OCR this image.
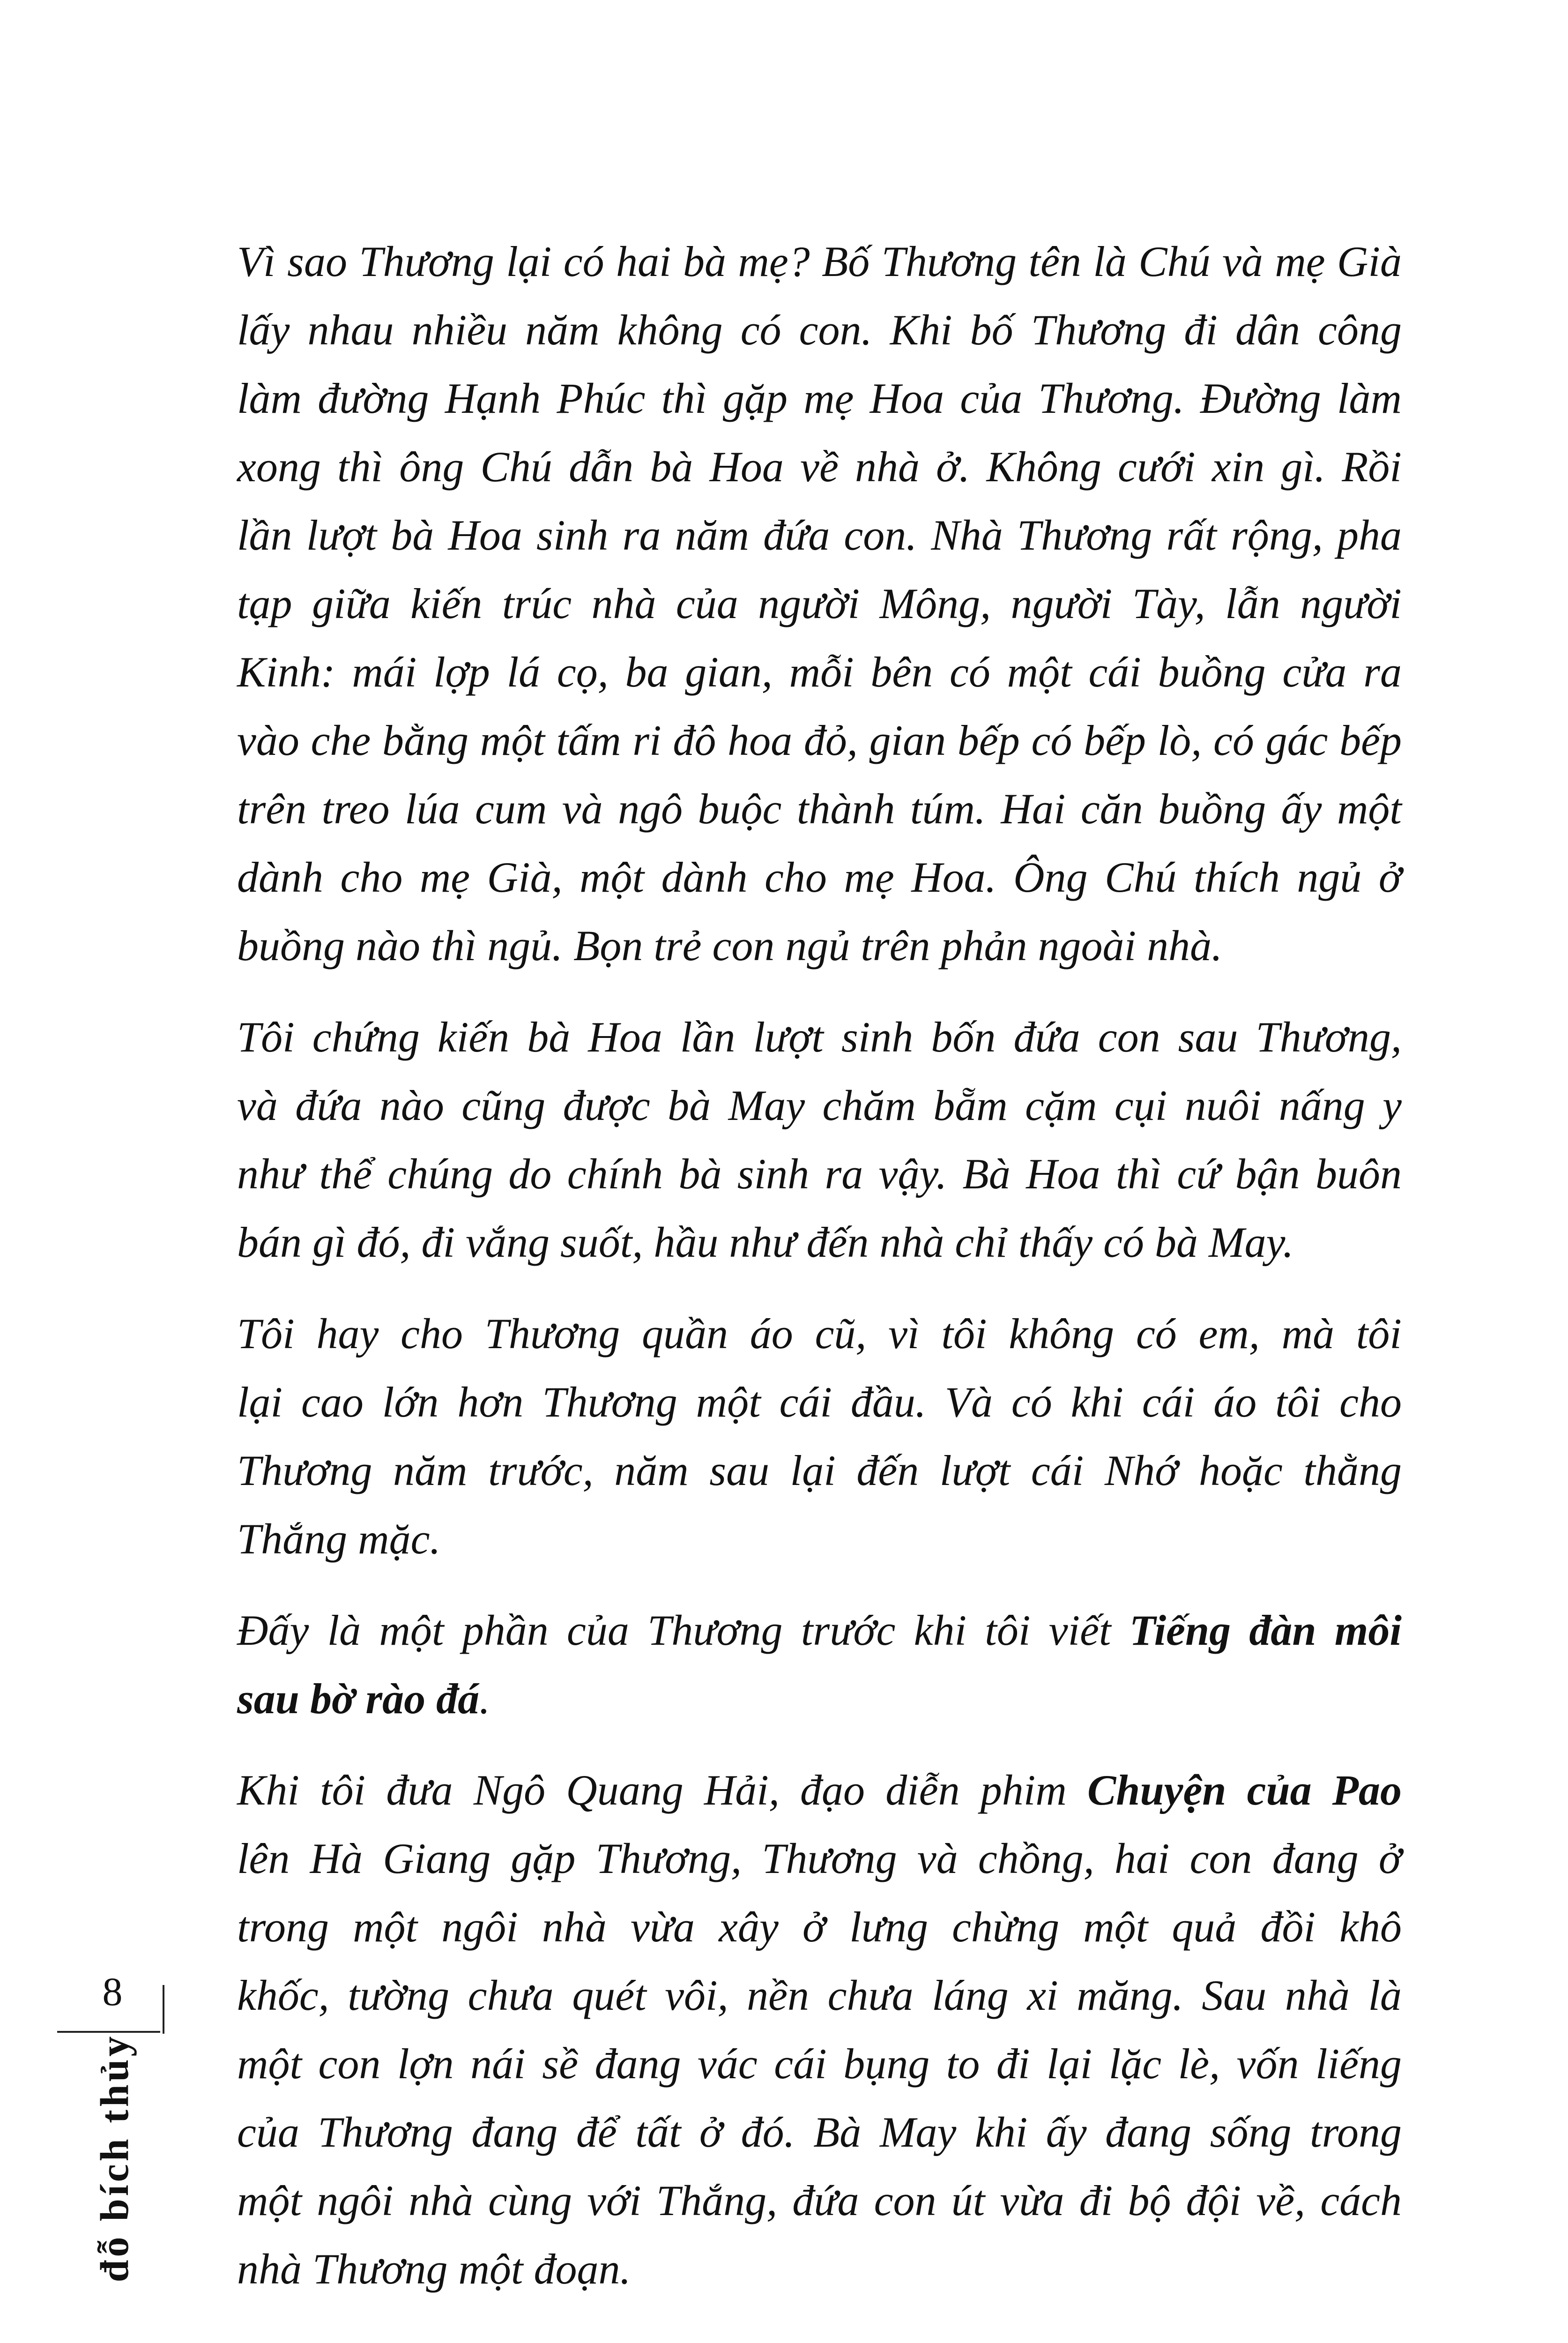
Vì sao Thương lại có hai bà mẹ? Bố Thương tên là Chú và mẹ Già
lấy nhau nhiều năm không có con. Khi bố Thương đi dân công
làm đường Hạnh Phúc thì gặp mẹ Hoa của Thương. Đường làm
xong thì ông Chú dẫn bà Hoa về nhà ở. Không cưới xin gì. Rồi
lần lượt bà Hoa sinh ra năm đứa con. Nhà Thương rất rộng, pha
tạp giữa kiến trúc nhà của người Mông, người Tày, lẫn người
Kinh: mái lợp lá cọ, ba gian, mỗi bên có một cái buồng cửa ra
vào che bằng một tấm ri đô hoa đỏ, gian bếp có bếp lò, có gác bếp
trên treo lúa cum và ngô buộc thành túm. Hai căn buồng ấy một
dành cho mẹ Già, một dành cho mẹ Hoa. Ông Chú thích ngủ ở
buồng nào thì ngủ. Bọn trẻ con ngủ trên phản ngoài nhà.
Tôi chứng kiến bà Hoa lần lượt sinh bốn đứa con sau Thương,
và đứa nào cũng được bà May chăm bẵm cặm cụi nuôi nấng y
như thể chúng do chính bà sinh ra vậy. Bà Hoa thì cứ bận buôn
bán gì đó, đi vắng suốt, hầu như đến nhà chỉ thấy có bà May.
Tôi hay cho Thương quần áo cũ, vì tôi không có em, mà tôi
lại cao lớn hơn Thương một cái đầu. Và có khi cái áo tôi cho
Thương năm trước, năm sau lại đến lượt cái Nhớ hoặc thằng
Thắng mặc.
Đấy là một phần của Thương trước khi tôi viết Tiếng đàn môi
sau bờ rào đá.
Khi tôi đưa Ngô Quang Hải, đạo diễn phim Chuyện của Pao
lên Hà Giang gặp Thương, Thương và chồng, hai con đang ở
trong một ngôi nhà vừa xây ở lưng chừng một quả đồi khô
khốc, tường chưa quét vôi, nền chưa láng xi măng. Sau nhà là
một con lợn nái sề đang vác cái bụng to đi lại lặc lè, vốn liếng
của Thương đang để tất ở đó. Bà May khi ấy đang sống trong
một ngôi nhà cùng với Thắng, đứa con út vừa đi bộ đội về, cách
nhà Thương một đoạn.
8
đỗ bích thủy
